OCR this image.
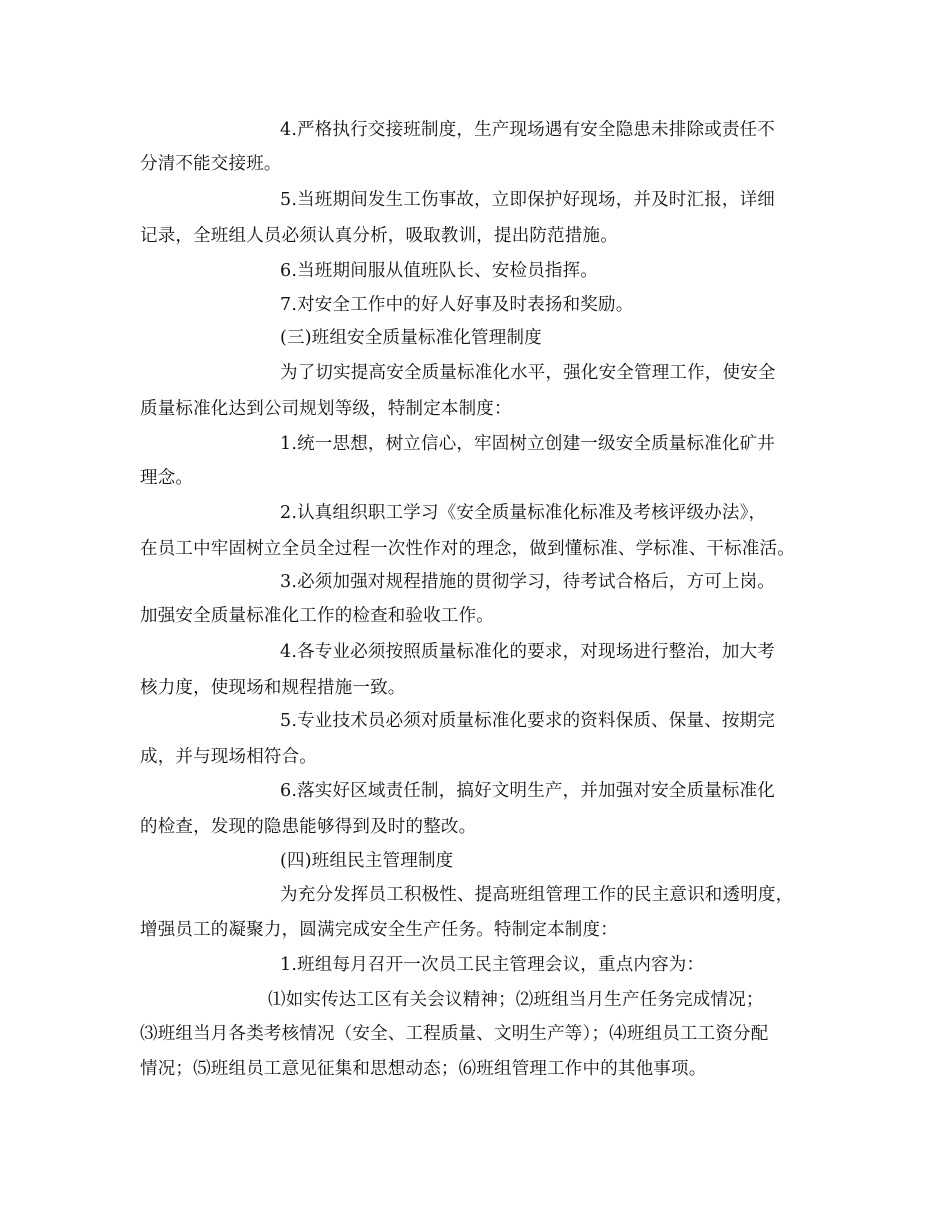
4.严格执行交接班制度，生产现场遇有安全隐患未排除或责任不
分清不能交接班。
5.当班期间发生工伤事故，立即保护好现场，并及时汇报，详细
记录，全班组人员必须认真分析，吸取教训，提出防范措施。
6.当班期间服从值班队长、安检员指挥。
7.对安全工作中的好人好事及时表扬和奖励。
(三)班组安全质量标准化管理制度
为了切实提高安全质量标准化水平，强化安全管理工作，使安全
质量标准化达到公司规划等级，特制定本制度：
1.统一思想，树立信心，牢固树立创建一级安全质量标准化矿井
理念。
2.认真组织职工学习《安全质量标准化标准及考核评级办法》，
在员工中牢固树立全员全过程一次性作对的理念，做到懂标准、学标准、干标准活。
3.必须加强对规程措施的贯彻学习，待考试合格后，方可上岗。
加强安全质量标准化工作的检查和验收工作。
4.各专业必须按照质量标准化的要求，对现场进行整治，加大考
核力度，使现场和规程措施一致。
5.专业技术员必须对质量标准化要求的资料保质、保量、按期完
成，并与现场相符合。
6.落实好区域责任制，搞好文明生产，并加强对安全质量标准化
的检查，发现的隐患能够得到及时的整改。
(四)班组民主管理制度
为充分发挥员工积极性、提高班组管理工作的民主意识和透明度，
增强员工的凝聚力，圆满完成安全生产任务。特制定本制度：
1.班组每月召开一次员工民主管理会议，重点内容为：
⑴如实传达工区有关会议精神；⑵班组当月生产任务完成情况；
⑶班组当月各类考核情况（安全、工程质量、文明生产等）；⑷班组员工工资分配
情况；⑸班组员工意见征集和思想动态；⑹班组管理工作中的其他事项。
